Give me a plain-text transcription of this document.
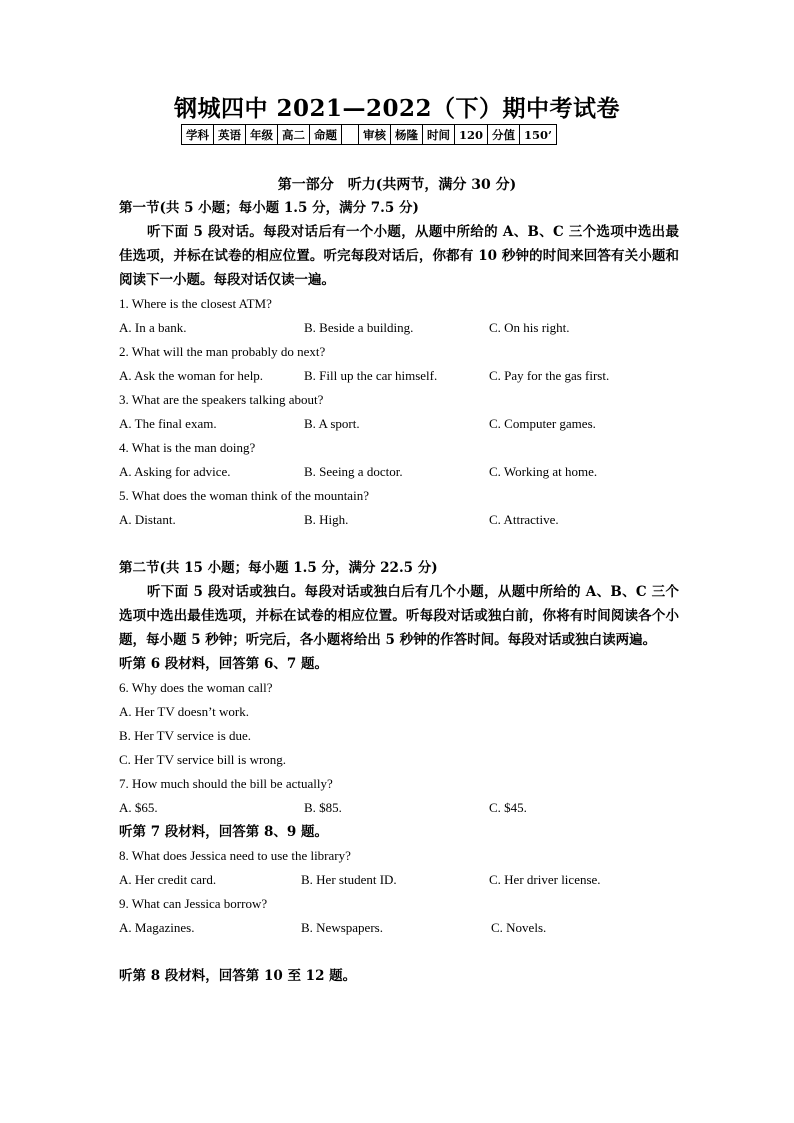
钢城四中 2021—2022（下）期中考试卷
学科	英语	年级	高二	命题		审核	杨隆	时间	120	分值	150’
第一部分　听力(共两节，满分 30 分)
第一节(共 5 小题；每小题 1.5 分，满分 7.5 分)
听下面 5 段对话。每段对话后有一个小题，从题中所给的 A、B、C 三个选项中选出最佳选项，并标在试卷的相应位置。听完每段对话后，你都有 10 秒钟的时间来回答有关小题和阅读下一小题。每段对话仅读一遍。
1. Where is the closest ATM?
A. In a bank.	B. Beside a building.	C. On his right.
2. What will the man probably do next?
A. Ask the woman for help.	B. Fill up the car himself.	C. Pay for the gas first.
3. What are the speakers talking about?
A. The final exam.	B. A sport.	C. Computer games.
4. What is the man doing?
A. Asking for advice.	B. Seeing a doctor.	C. Working at home.
5. What does the woman think of the mountain?
A. Distant.	B. High.	C. Attractive.
第二节(共 15 小题；每小题 1.5 分，满分 22.5 分)
听下面 5 段对话或独白。每段对话或独白后有几个小题，从题中所给的 A、B、C 三个选项中选出最佳选项，并标在试卷的相应位置。听每段对话或独白前，你将有时间阅读各个小题，每小题 5 秒钟；听完后，各小题将给出 5 秒钟的作答时间。每段对话或独白读两遍。
听第 6 段材料，回答第 6、7 题。
6. Why does the woman call?
A. Her TV doesn’t work.
B. Her TV service is due.
C. Her TV service bill is wrong.
7. How much should the bill be actually?
A. $65.	B. $85.	C. $45.
听第 7 段材料，回答第 8、9 题。
8. What does Jessica need to use the library?
A. Her credit card.	B. Her student ID.	C. Her driver license.
9. What can Jessica borrow?
A. Magazines.	B. Newspapers.	C. Novels.
听第 8 段材料，回答第 10 至 12 题。
